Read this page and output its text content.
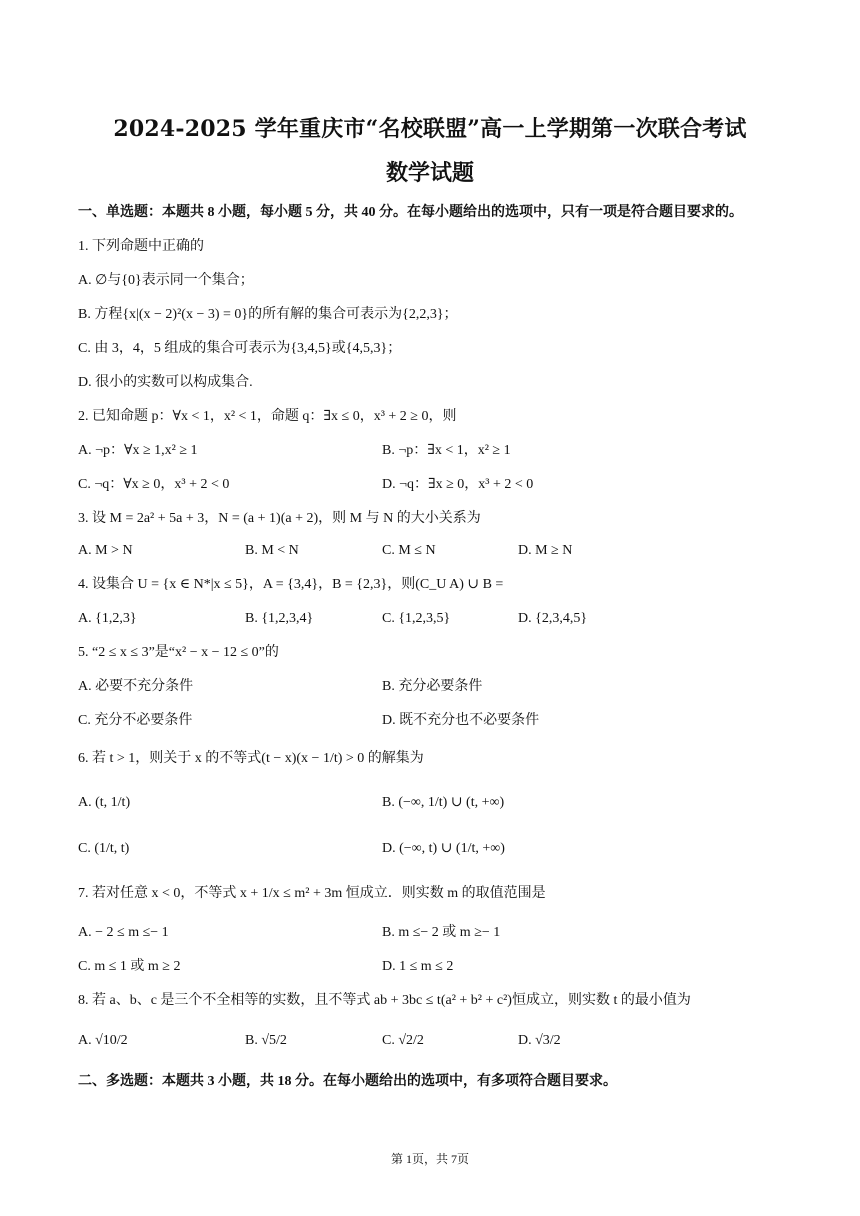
2024-2025 学年重庆市“名校联盟”高一上学期第一次联合考试
数学试题
一、单选题：本题共 8 小题，每小题 5 分，共 40 分。在每小题给出的选项中，只有一项是符合题目要求的。
1. 下列命题中正确的
A. ∅与{0}表示同一个集合；
B. 方程{x|(x − 2)²(x − 3) = 0}的所有解的集合可表示为{2,2,3}；
C. 由 3，4，5 组成的集合可表示为{3,4,5}或{4,5,3}；
D. 很小的实数可以构成集合.
2. 已知命题 p：∀x < 1，x² < 1，命题 q：∃x ≤ 0，x³ + 2 ≥ 0，则
A. ¬p：∀x ≥ 1,x² ≥ 1	B. ¬p：∃x < 1，x² ≥ 1
C. ¬q：∀x ≥ 0，x³ + 2 < 0	D. ¬q：∃x ≥ 0，x³ + 2 < 0
3. 设 M = 2a² + 5a + 3，N = (a + 1)(a + 2)，则 M 与 N 的大小关系为
A. M > N	B. M < N	C. M ≤ N	D. M ≥ N
4. 设集合 U = {x ∈ N*|x ≤ 5}，A = {3,4}，B = {2,3}，则(C_U A) ∪ B =
A. {1,2,3}	B. {1,2,3,4}	C. {1,2,3,5}	D. {2,3,4,5}
5. “2 ≤ x ≤ 3”是“x² − x − 12 ≤ 0”的
A. 必要不充分条件	B. 充分必要条件
C. 充分不必要条件	D. 既不充分也不必要条件
6. 若 t > 1，则关于 x 的不等式(t − x)(x − 1/t) > 0 的解集为
A. (t, 1/t)	B. (−∞, 1/t) ∪ (t, +∞)
C. (1/t, t)	D. (−∞, t) ∪ (1/t, +∞)
7. 若对任意 x < 0，不等式 x + 1/x ≤ m² + 3m 恒成立．则实数 m 的取值范围是
A. − 2 ≤ m ≤− 1	B. m ≤− 2 或 m ≥− 1
C. m ≤ 1 或 m ≥ 2	D. 1 ≤ m ≤ 2
8. 若 a、b、c 是三个不全相等的实数，且不等式 ab + 3bc ≤ t(a² + b² + c²)恒成立，则实数 t 的最小值为
A. √10/2	B. √5/2	C. √2/2	D. √3/2
二、多选题：本题共 3 小题，共 18 分。在每小题给出的选项中，有多项符合题目要求。
第 1页，共 7页
